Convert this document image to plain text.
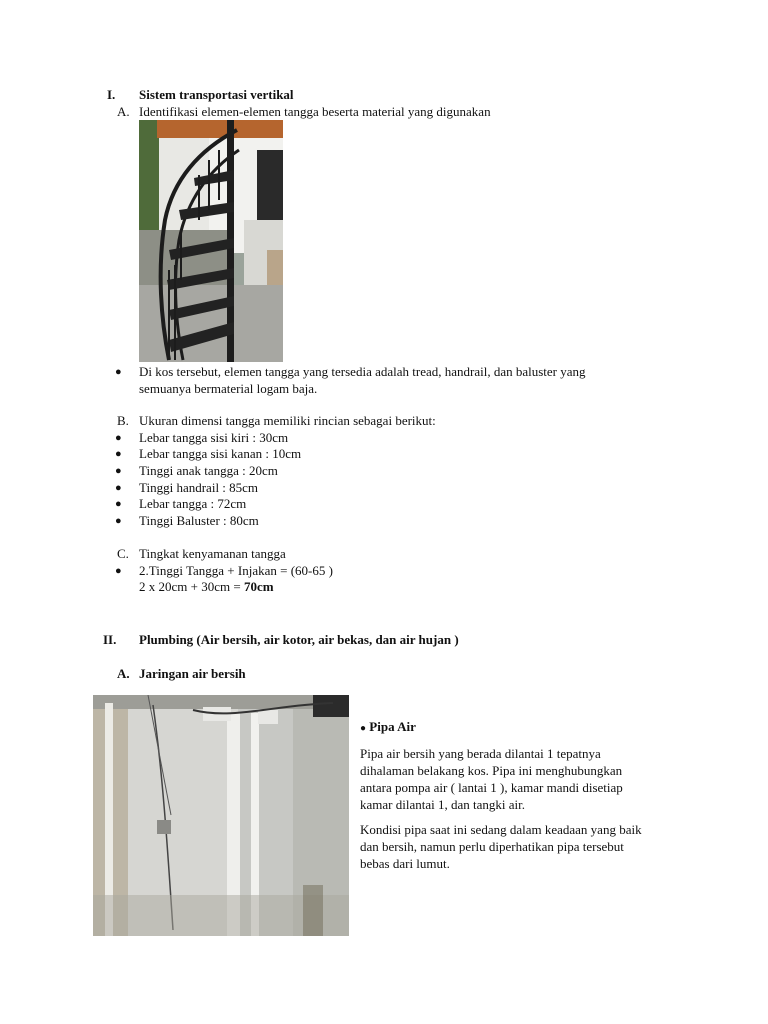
I. Sistem transportasi vertikal
A. Identifikasi elemen-elemen tangga beserta material yang digunakan
● Di kos tersebut, elemen tangga yang tersedia adalah tread, handrail, dan baluster yang
semuanya bermaterial logam baja.
B. Ukuran dimensi tangga memiliki rincian sebagai berikut:
● Lebar tangga sisi kiri : 30cm
● Lebar tangga sisi kanan : 10cm
● Tinggi anak tangga : 20cm
● Tinggi handrail : 85cm
● Lebar tangga : 72cm
● Tinggi Baluster : 80cm
C. Tingkat kenyamanan tangga
● 2.Tinggi Tangga + Injakan = (60-65 )
2 x 20cm + 30cm = 70cm
II. Plumbing (Air bersih, air kotor, air bekas, dan air hujan )
A. Jaringan air bersih
● Pipa Air
Pipa air bersih yang berada dilantai 1 tepatnya
dihalaman belakang kos. Pipa ini menghubungkan
antara pompa air ( lantai 1 ), kamar mandi disetiap
kamar dilantai 1, dan tangki air.
Kondisi pipa saat ini sedang dalam keadaan yang baik
dan bersih, namun perlu diperhatikan pipa tersebut
bebas dari lumut.
